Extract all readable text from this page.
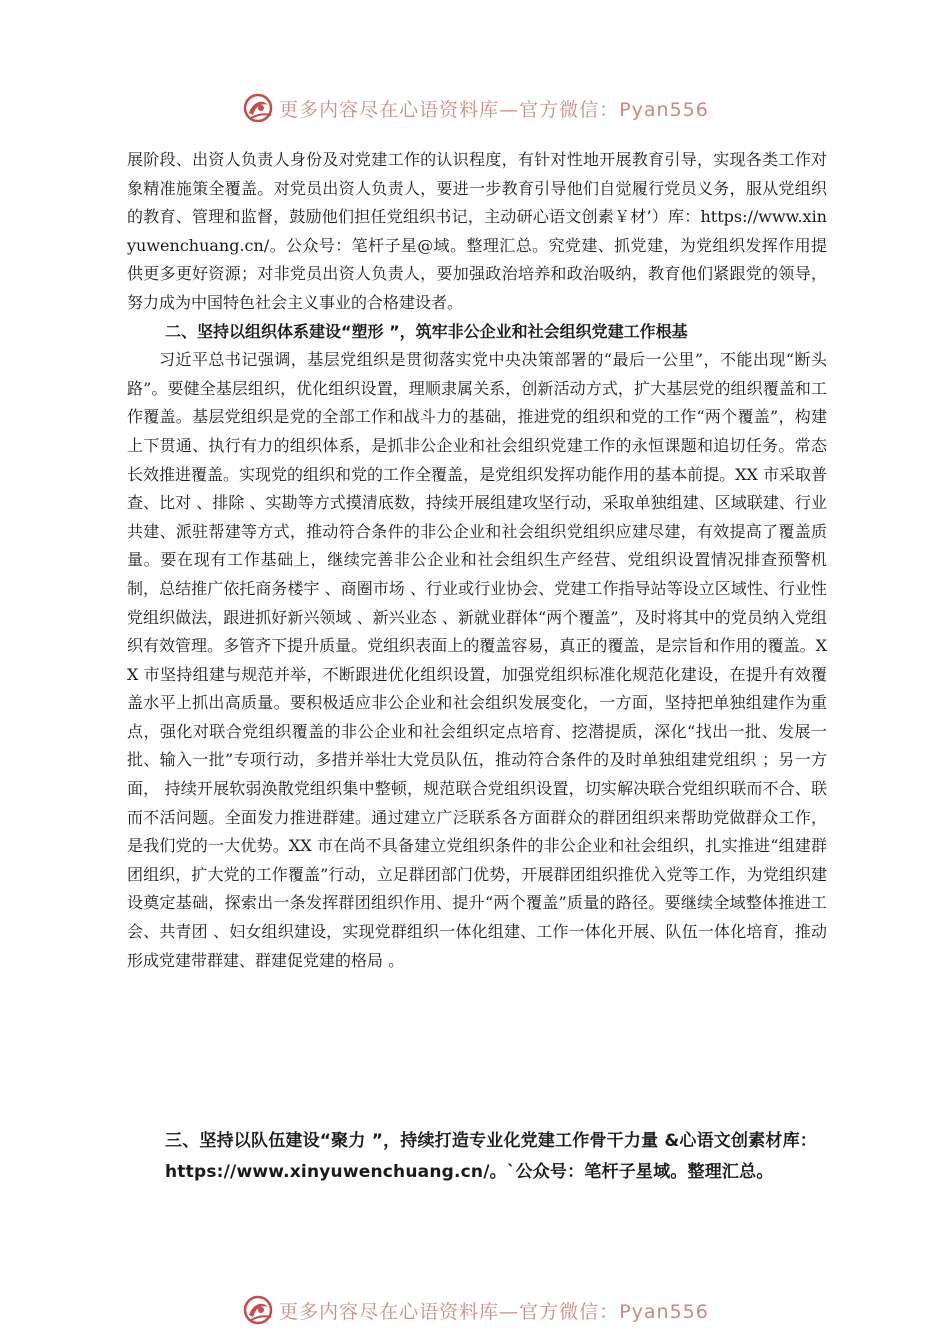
更多内容尽在心语资料库—官方微信：Pyan556

展阶段、出资人负责人身份及对党建工作的认识程度，有针对性地开展教育引导，实现各类工作对象精准施策全覆盖。对党员出资人负责人，要进一步教育引导他们自觉履行党员义务，服从党组织的教育、管理和监督，鼓励他们担任党组织书记，主动研心语文创素￥材’）库：https://www.xinyuwenchuang.cn/。公众号：笔杆子星@域。整理汇总。究党建、抓党建，为党组织发挥作用提供更多更好资源；对非党员出资人负责人，要加强政治培养和政治吸纳，教育他们紧跟党的领导，努力成为中国特色社会主义事业的合格建设者。

二、坚持以组织体系建设“塑形 ”，筑牢非公企业和社会组织党建工作根基

习近平总书记强调，基层党组织是贯彻落实党中央决策部署的“最后一公里”，不能出现“断头路”。要健全基层组织，优化组织设置，理顺隶属关系，创新活动方式，扩大基层党的组织覆盖和工作覆盖。基层党组织是党的全部工作和战斗力的基础，推进党的组织和党的工作“两个覆盖”，构建上下贯通、执行有力的组织体系，是抓非公企业和社会组织党建工作的永恒课题和追切任务。常态长效推进覆盖。实现党的组织和党的工作全覆盖，是党组织发挥功能作用的基本前提。XX 市采取普查、比对 、排除 、实勘等方式摸清底数，持续开展组建攻坚行动，采取单独组建、区域联建、行业共建、派驻帮建等方式，推动符合条件的非公企业和社会组织党组织应建尽建，有效提高了覆盖质量。要在现有工作基础上，继续完善非公企业和社会组织生产经营、党组织设置情况排查预警机制，总结推广依托商务楼宇 、商圈市场 、行业或行业协会、党建工作指导站等设立区域性、行业性党组织做法，跟进抓好新兴领域 、新兴业态 、新就业群体“两个覆盖”，及时将其中的党员纳入党组织有效管理。多管齐下提升质量。党组织表面上的覆盖容易，真正的覆盖，是宗旨和作用的覆盖。XX 市坚持组建与规范并举，不断跟进优化组织设置，加强党组织标准化规范化建设，在提升有效覆盖水平上抓出高质量。要积极适应非公企业和社会组织发展变化，一方面，坚持把单独组建作为重点，强化对联合党组织覆盖的非公企业和社会组织定点培育、挖潜提质，深化“找出一批、发展一批、输入一批”专项行动，多措并举壮大党员队伍，推动符合条件的及时单独组建党组织 ；另一方面， 持续开展软弱涣散党组织集中整顿，规范联合党组织设置，切实解决联合党组织联而不合、联而不活问题。全面发力推进群建。通过建立广泛联系各方面群众的群团组织来帮助党做群众工作，是我们党的一大优势。XX 市在尚不具备建立党组织条件的非公企业和社会组织，扎实推进“组建群团组织，扩大党的工作覆盖”行动，立足群团部门优势，开展群团组织推优入党等工作，为党组织建设奠定基础，探索出一条发挥群团组织作用、提升“两个覆盖”质量的路径。要继续全域整体推进工会、共青团 、妇女组织建设，实现党群组织一体化组建、工作一体化开展、队伍一体化培育，推动形成党建带群建、群建促党建的格局 。

三、坚持以队伍建设“聚力 ”，持续打造专业化党建工作骨干力量 &心语文创素材库：https://www.xinyuwenchuang.cn/。`公众号：笔杆子星域。整理汇总。
更多内容尽在心语资料库—官方微信：Pyan556
